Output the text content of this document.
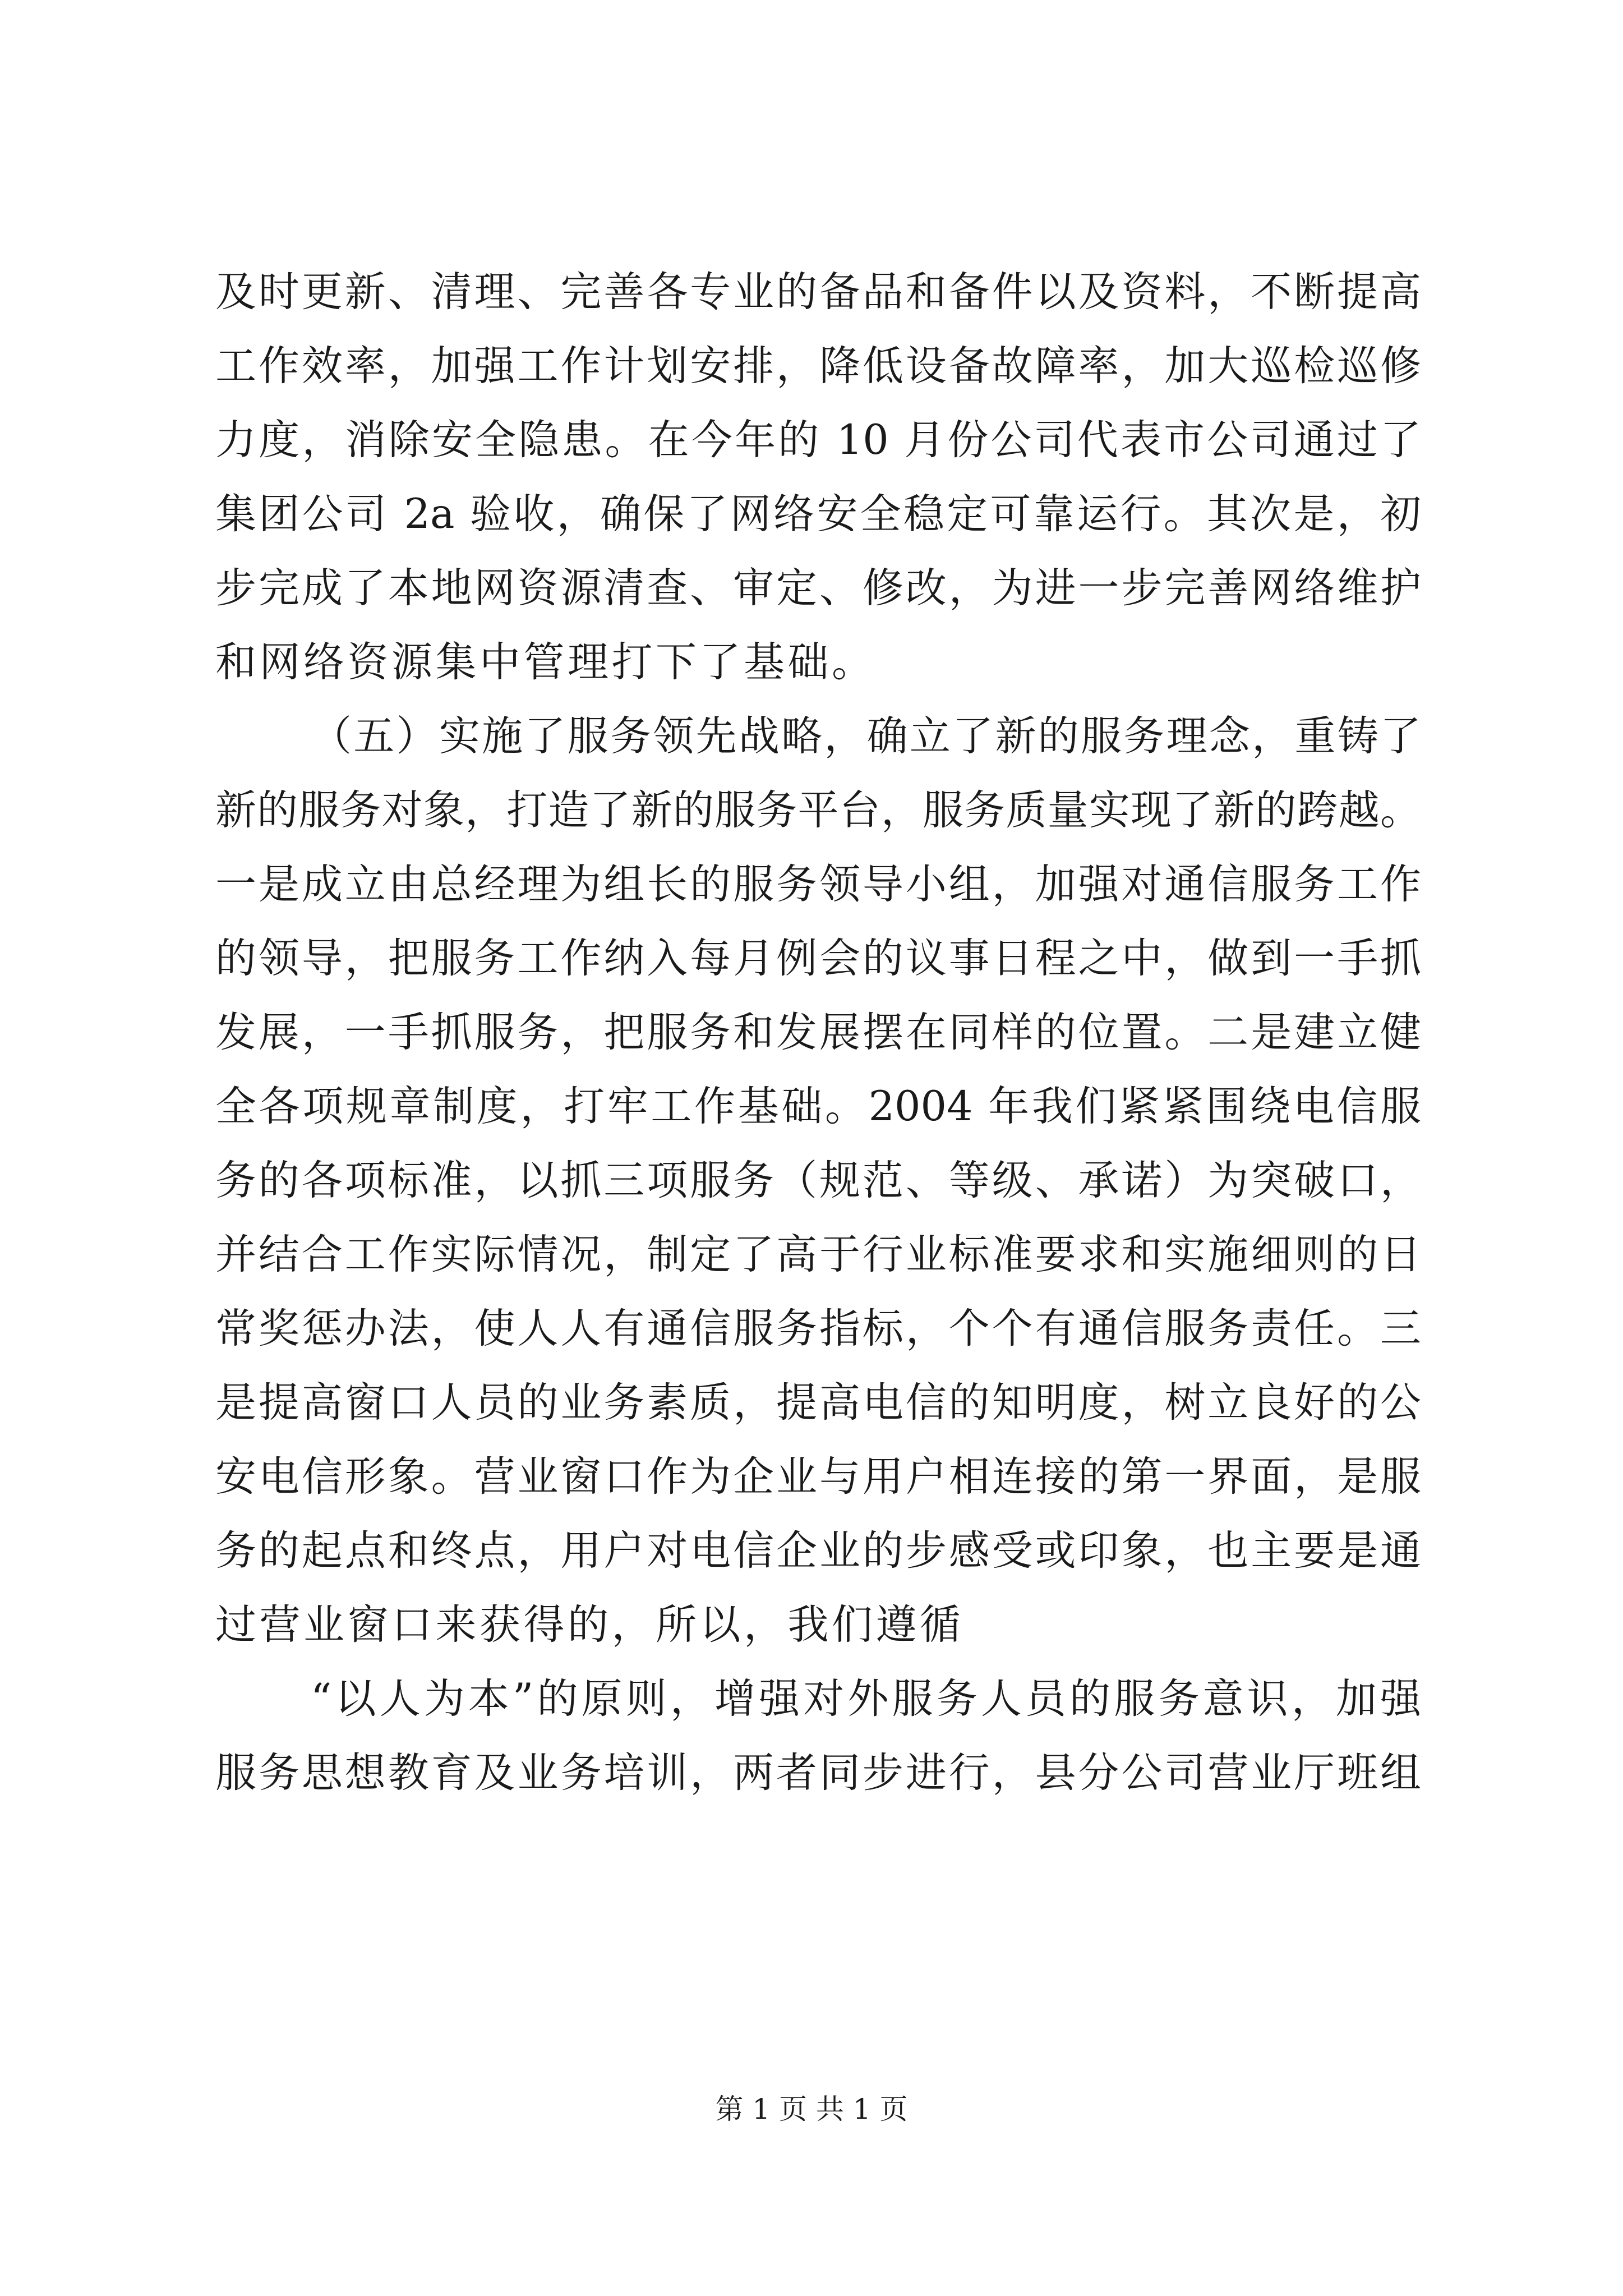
及时更新、清理、完善各专业的备品和备件以及资料，不断提高
工作效率，加强工作计划安排，降低设备故障率，加大巡检巡修
力度，消除安全隐患。在今年的 10 月份公司代表市公司通过了
集团公司 2a 验收，确保了网络安全稳定可靠运行。其次是，初
步完成了本地网资源清查、审定、修改，为进一步完善网络维护
和网络资源集中管理打下了基础。
（五）实施了服务领先战略，确立了新的服务理念，重铸了
新的服务对象，打造了新的服务平台，服务质量实现了新的跨越。
一是成立由总经理为组长的服务领导小组，加强对通信服务工作
的领导，把服务工作纳入每月例会的议事日程之中，做到一手抓
发展，一手抓服务，把服务和发展摆在同样的位置。二是建立健
全各项规章制度，打牢工作基础。2004 年我们紧紧围绕电信服
务的各项标准，以抓三项服务（规范、等级、承诺）为突破口，
并结合工作实际情况，制定了高于行业标准要求和实施细则的日
常奖惩办法，使人人有通信服务指标，个个有通信服务责任。三
是提高窗口人员的业务素质，提高电信的知明度，树立良好的公
安电信形象。营业窗口作为企业与用户相连接的第一界面，是服
务的起点和终点，用户对电信企业的步感受或印象，也主要是通
过营业窗口来获得的，所以，我们遵循
“以人为本”的原则，增强对外服务人员的服务意识，加强
服务思想教育及业务培训，两者同步进行，县分公司营业厅班组
第 1 页 共 1 页
